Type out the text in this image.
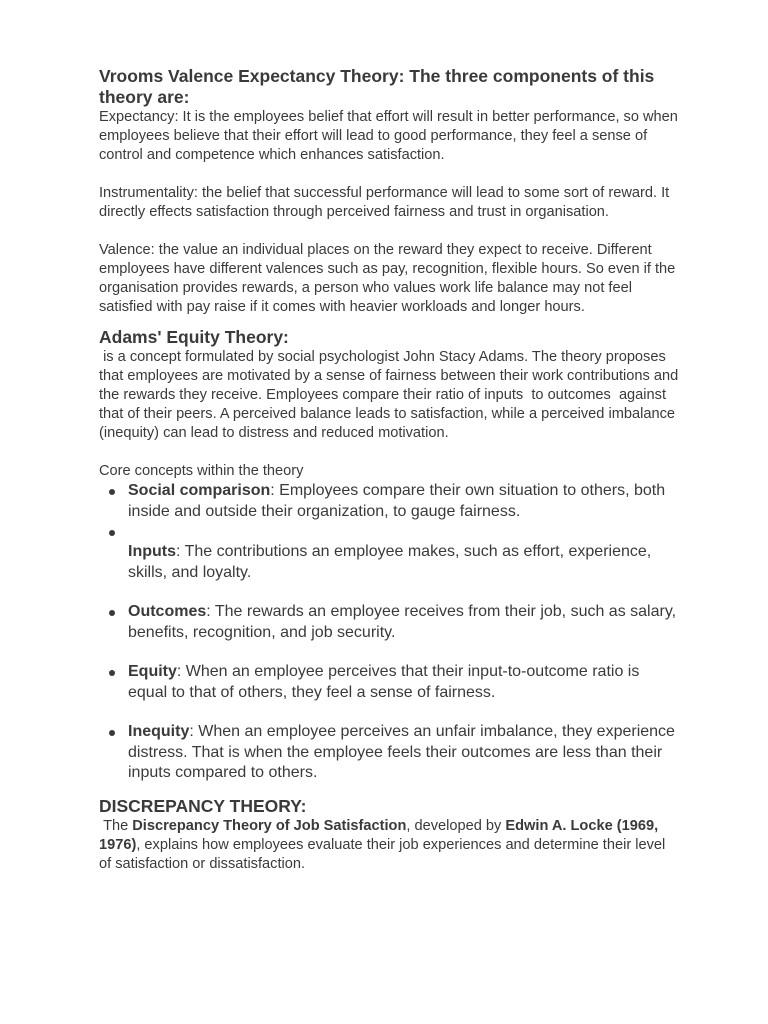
Vrooms Valence Expectancy Theory: The three components of this theory are:

Expectancy: It is the employees belief that effort will result in better performance, so when employees believe that their effort will lead to good performance, they feel a sense of control and competence which enhances satisfaction.

Instrumentality: the belief that successful performance will lead to some sort of reward. It directly effects satisfaction through perceived fairness and trust in organisation.

Valence: the value an individual places on the reward they expect to receive. Different employees have different valences such as pay, recognition, flexible hours. So even if the organisation provides rewards, a person who values work life balance may not feel satisfied with pay raise if it comes with heavier workloads and longer hours.

Adams' Equity Theory:

is a concept formulated by social psychologist John Stacy Adams. The theory proposes that employees are motivated by a sense of fairness between their work contributions and the rewards they receive. Employees compare their ratio of inputs  to outcomes  against that of their peers. A perceived balance leads to satisfaction, while a perceived imbalance (inequity) can lead to distress and reduced motivation.

Core concepts within the theory

Social comparison: Employees compare their own situation to others, both inside and outside their organization, to gauge fairness.
Inputs: The contributions an employee makes, such as effort, experience, skills, and loyalty.
Outcomes: The rewards an employee receives from their job, such as salary, benefits, recognition, and job security.
Equity: When an employee perceives that their input-to-outcome ratio is equal to that of others, they feel a sense of fairness.
Inequity: When an employee perceives an unfair imbalance, they experience distress. That is when the employee feels their outcomes are less than their inputs compared to others.
DISCREPANCY THEORY:

The Discrepancy Theory of Job Satisfaction, developed by Edwin A. Locke (1969, 1976), explains how employees evaluate their job experiences and determine their level of satisfaction or dissatisfaction.
